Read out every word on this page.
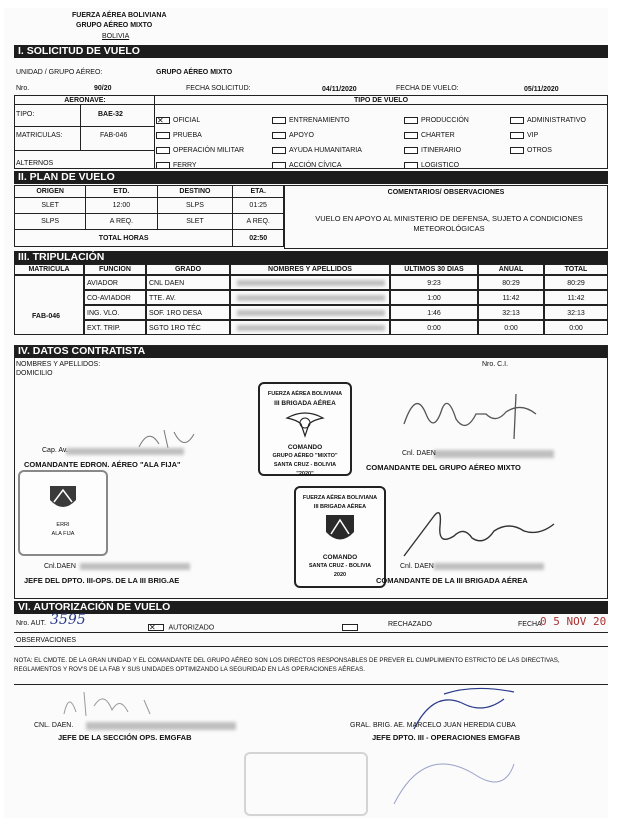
FUERZA AÉREA BOLIVIANA
GRUPO AÉREO MIXTO
BOLIVIA
I. SOLICITUD DE VUELO
UNIDAD / GRUPO AÉREO:	GRUPO AÉREO MIXTO
Nro.	90/20	FECHA SOLICITUD:	04/11/2020	FECHA DE VUELO:	05/11/2020
AERONAVE:	TIPO DE VUELO
TIPO:	BAE-32
MATRICULAS:	FAB-046
ALTERNOS
✕OFICIAL	ENTRENAMIENTO	PRODUCCIÓN	ADMINISTRATIVO
PRUEBA	APOYO	CHARTER	VIP
OPERACIÓN MILITAR	AYUDA HUMANITARIA	ITINERARIO	OTROS
FERRY	ACCIÓN CÍVICA	LOGISTICO
II. PLAN DE VUELO
ORIGEN	ETD.	DESTINO	ETA.
SLET	12:00	SLPS	01:25
SLPS	A REQ.	SLET	A REQ.
TOTAL HORAS			02:50
COMENTARIOS/ OBSERVACIONES
VUELO EN APOYO AL MINISTERIO DE DEFENSA, SUJETO A CONDICIONES METEOROLÓGICAS
III. TRIPULACIÓN
MATRICULA	FUNCION	GRADO	NOMBRES Y APELLIDOS	ULTIMOS 30 DIAS	ANUAL	TOTAL
FAB-046
AVIADOR	CNL DAEN	9:23	80:29	80:29
CO-AVIADOR	TTE. AV.	1:00	11:42	11:42
ING. VLO.	SOF. 1RO DESA	1:46	32:13	32:13
EXT. TRIP.	SGTO 1RO TÉC	0:00	0:00	0:00
IV. DATOS CONTRATISTA
NOMBRES Y APELLIDOS:
DOMICILIO
Nro. C.I.
FUERZA AÉREA BOLIVIANA
III BRIGADA AÉREA
COMANDO
GRUPO AÉREO "MIXTO"
SANTA CRUZ - BOLIVIA
"2020"
Cnl. DAEN
COMANDANTE DEL GRUPO AÉREO MIXTO
Cap. Av.
COMANDANTE EDRON. AÉREO "ALA FIJA"
ERRI
ALA FIJA
FUERZA AÉREA BOLIVIANA
III BRIGADA AÉREA
COMANDO
SANTA CRUZ - BOLIVIA
2020
Cnl. DAEN
COMANDANTE DE LA III BRIGADA AÉREA
Cnl.DAEN
JEFE DEL DPTO. III-OPS. DE LA III BRIG.AE
VI. AUTORIZACIÓN DE VUELO
Nro. AUT. 3595 ✕	AUTORIZADO	RECHAZADO	FECHA
0 5 NOV 20
OBSERVACIONES
NOTA: EL CMDTE. DE LA GRAN UNIDAD Y EL COMANDANTE DEL GRUPO AÉREO SON LOS DIRECTOS RESPONSABLES DE PREVER EL CUMPLIMIENTO ESTRICTO DE LAS DIRECTIVAS, REGLAMENTOS Y ROV'S DE LA FAB Y SUS UNIDADES OPTIMIZANDO LA SEGURIDAD EN LAS OPERACIONES AÉREAS.
CNL. DAEN.
JEFE DE LA SECCIÓN OPS. EMGFAB
GRAL. BRIG. AE. MARCELO JUAN HEREDIA CUBA
JEFE DPTO. III - OPERACIONES EMGFAB
